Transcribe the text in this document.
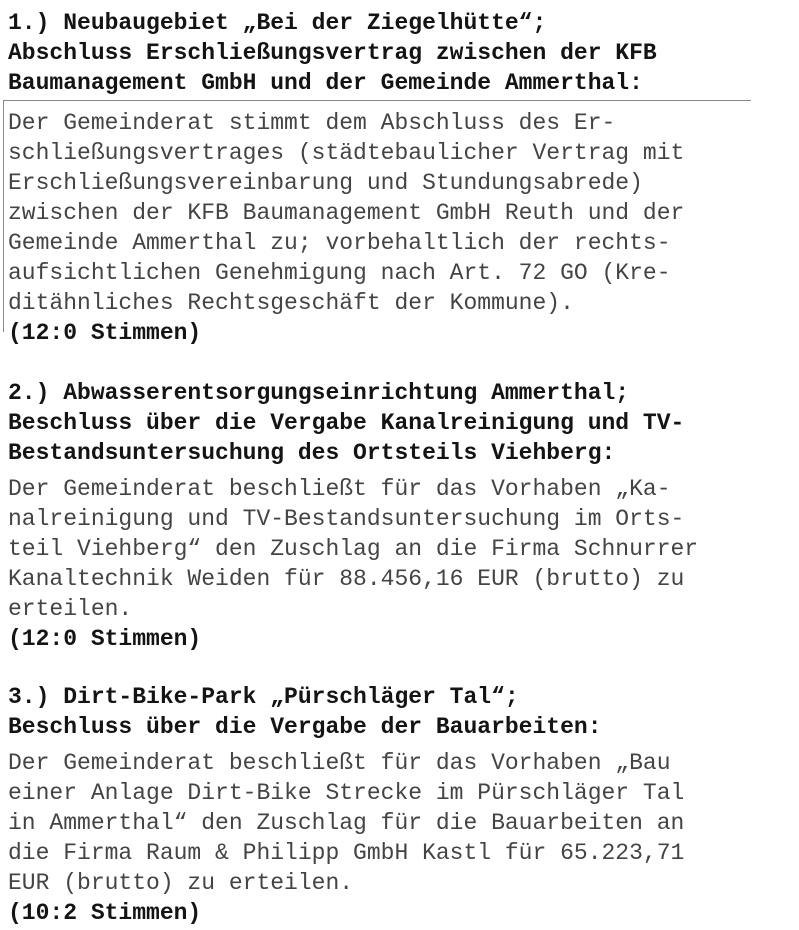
1.) Neubaugebiet „Bei der Ziegelhütte“;
Abschluss Erschließungsvertrag zwischen der KFB
Baumanagement GmbH und der Gemeinde Ammerthal:
Der Gemeinderat stimmt dem Abschluss des Er-
schließungsvertrages (städtebaulicher Vertrag mit
Erschließungsvereinbarung und Stundungsabrede)
zwischen der KFB Baumanagement GmbH Reuth und der
Gemeinde Ammerthal zu; vorbehaltlich der rechts-
aufsichtlichen Genehmigung nach Art. 72 GO (Kre-
ditähnliches Rechtsgeschäft der Kommune).
(12:0 Stimmen)
2.) Abwasserentsorgungseinrichtung Ammerthal;
Beschluss über die Vergabe Kanalreinigung und TV-
Bestandsuntersuchung des Ortsteils Viehberg:
Der Gemeinderat beschließt für das Vorhaben „Ka-
nalreinigung und TV-Bestandsuntersuchung im Orts-
teil Viehberg“ den Zuschlag an die Firma Schnurrer
Kanaltechnik Weiden für 88.456,16 EUR (brutto) zu
erteilen.
(12:0 Stimmen)
3.) Dirt-Bike-Park „Pürschläger Tal“;
Beschluss über die Vergabe der Bauarbeiten:
Der Gemeinderat beschließt für das Vorhaben „Bau
einer Anlage Dirt-Bike Strecke im Pürschläger Tal
in Ammerthal“ den Zuschlag für die Bauarbeiten an
die Firma Raum & Philipp GmbH Kastl für 65.223,71
EUR (brutto) zu erteilen.
(10:2 Stimmen)
